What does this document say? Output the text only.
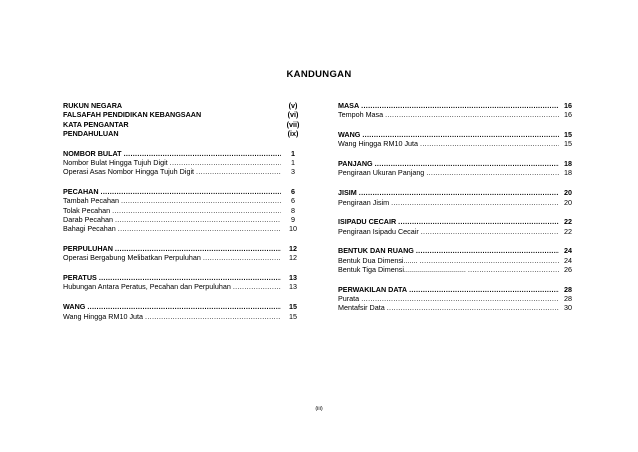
KANDUNGAN
RUKUN NEGARA	(v)
FALSAFAH PENDIDIKAN KEBANGSAAN	(vi)
KATA PENGANTAR	(vii)
PENDAHULUAN	(ix)
NOMBOR BULAT .....	1
Nombor Bulat Hingga Tujuh Digit .....	1
Operasi Asas Nombor Hingga Tujuh Digit .....	3
PECAHAN .....	6
Tambah Pecahan .....	6
Tolak Pecahan .....	8
Darab Pecahan .....	9
Bahagi Pecahan .....	10
PERPULUHAN .....	12
Operasi Bergabung Melibatkan Perpuluhan .....	12
PERATUS .....	13
Hubungan Antara Peratus, Pecahan dan Perpuluhan .....	13
WANG .....	15
Wang Hingga RM10 Juta .....	15
MASA .....	16
Tempoh Masa .....	16
WANG .....	15
Wang Hingga RM10 Juta .....	15
PANJANG .....	18
Pengiraan Ukuran Panjang .....	18
JISIM .....	20
Pengiraan Jisim .....	20
ISIPADU CECAIR .....	22
Pengiraan Isipadu Cecair .....	22
BENTUK DAN RUANG .....	24
Bentuk Dua Dimensi....... .....	24
Bentuk Tiga Dimensi............................... .....	26
PERWAKILAN DATA .....	28
Purata .....	28
Mentafsir Data .....	30
(iii)
